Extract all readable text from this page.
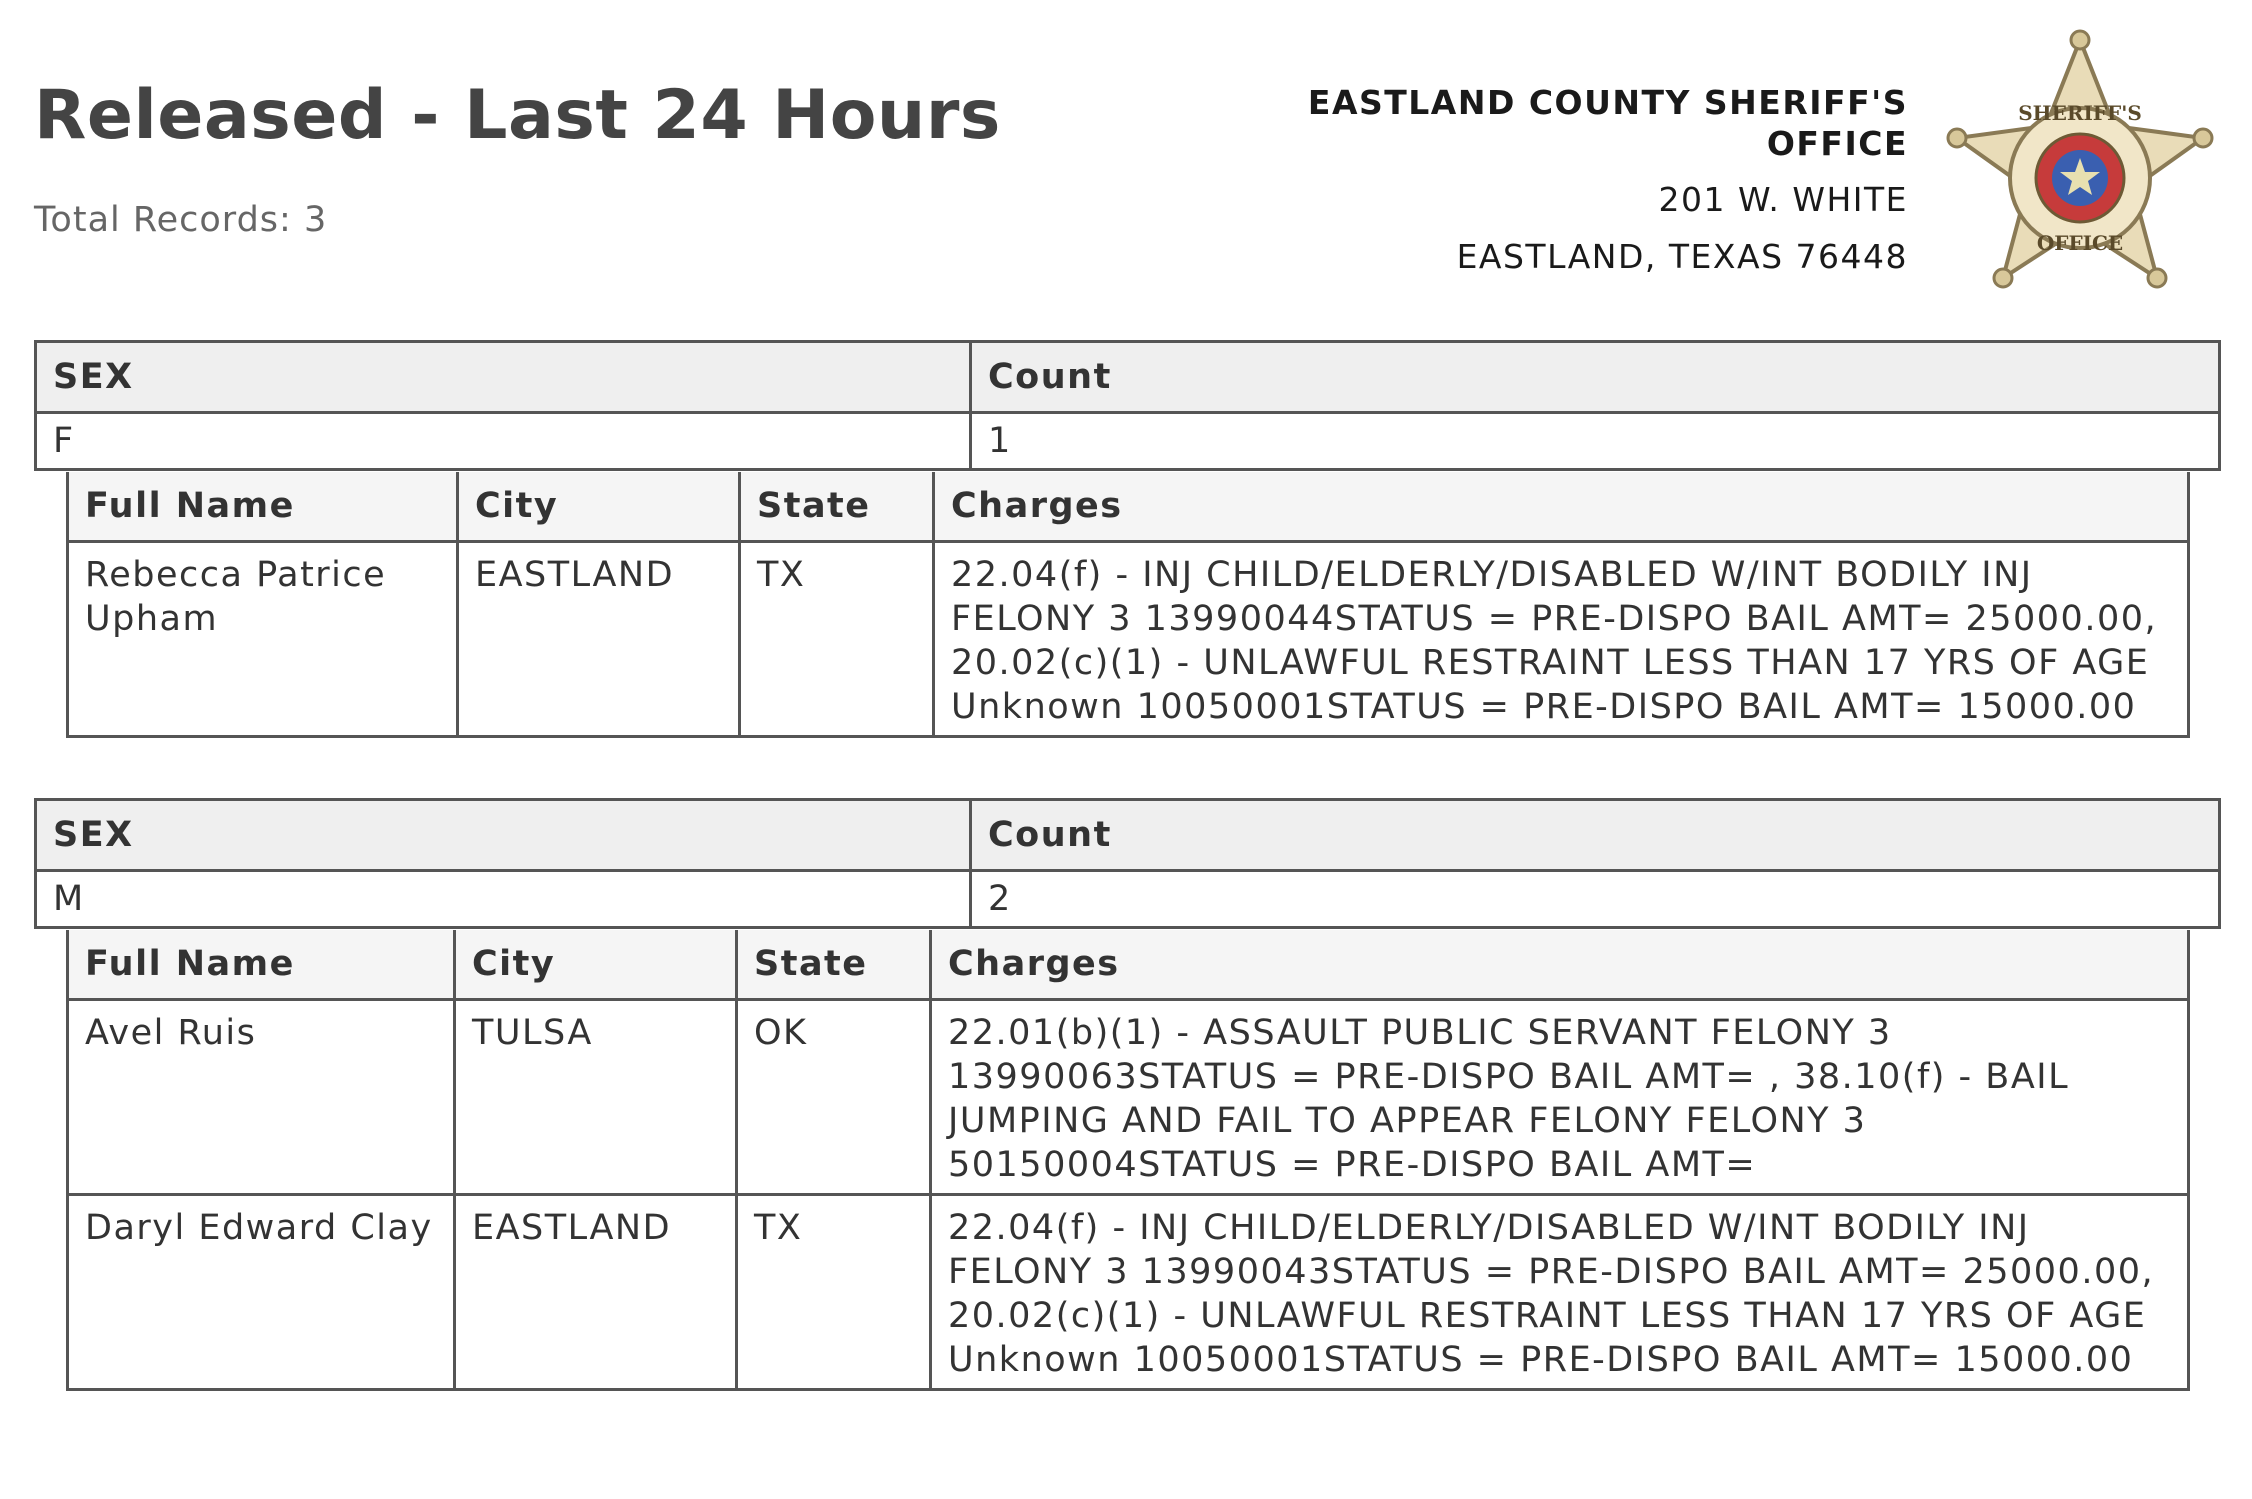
Released - Last 24 Hours
Total Records: 3
EASTLAND COUNTY SHERIFF'S OFFICE
201 W. WHITE
EASTLAND, TEXAS 76448
SHERIFF'S
OFFICE
SEX	Count
F	1
Full Name	City	State	Charges
Rebecca Patrice Upham	EASTLAND	TX	22.04(f) - INJ CHILD/ELDERLY/DISABLED W/INT BODILY INJ FELONY 3 13990044STATUS = PRE-DISPO BAIL AMT= 25000.00, 20.02(c)(1) - UNLAWFUL RESTRAINT LESS THAN 17 YRS OF AGE Unknown 10050001STATUS = PRE-DISPO BAIL AMT= 15000.00
SEX	Count
M	2
Full Name	City	State	Charges
Avel Ruis	TULSA	OK	22.01(b)(1) - ASSAULT PUBLIC SERVANT FELONY 3 13990063STATUS = PRE-DISPO BAIL AMT= , 38.10(f) - BAIL JUMPING AND FAIL TO APPEAR FELONY FELONY 3 50150004STATUS = PRE-DISPO BAIL AMT=
Daryl Edward Clay	EASTLAND	TX	22.04(f) - INJ CHILD/ELDERLY/DISABLED W/INT BODILY INJ FELONY 3 13990043STATUS = PRE-DISPO BAIL AMT= 25000.00, 20.02(c)(1) - UNLAWFUL RESTRAINT LESS THAN 17 YRS OF AGE Unknown 10050001STATUS = PRE-DISPO BAIL AMT= 15000.00
